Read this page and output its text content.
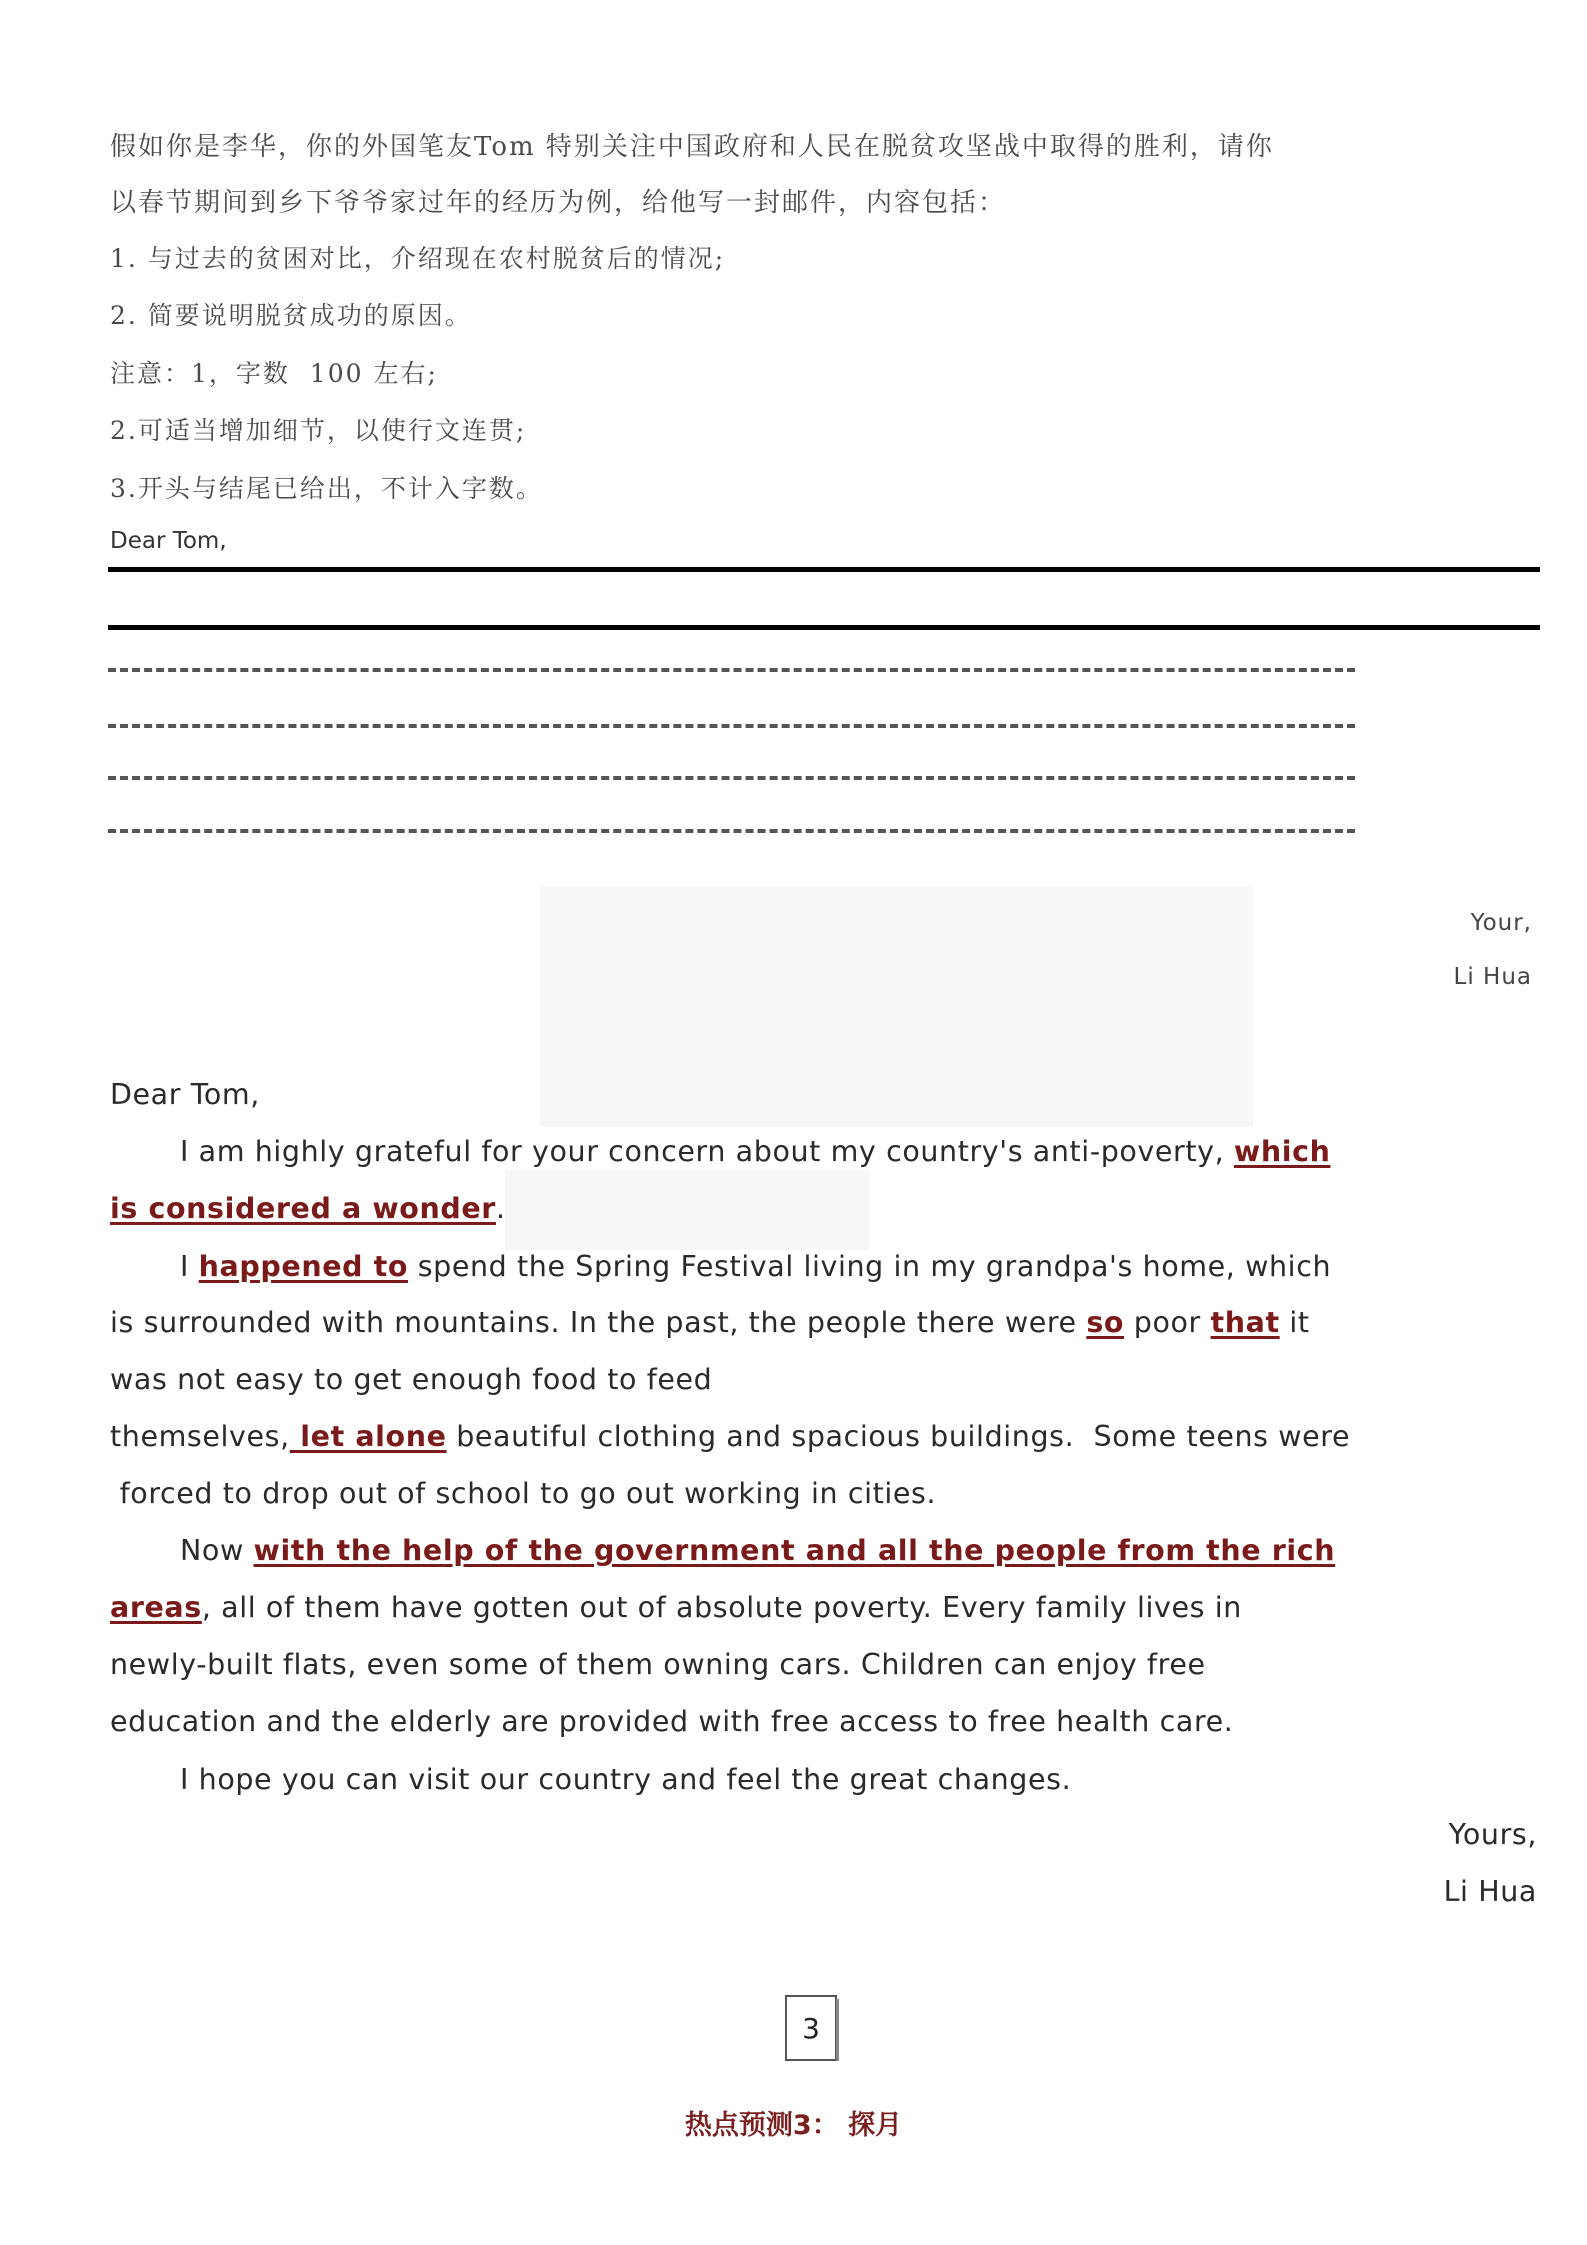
假如你是李华，你的外国笔友Tom 特别关注中国政府和人民在脱贫攻坚战中取得的胜利，请你
以春节期间到乡下爷爷家过年的经历为例，给他写一封邮件，内容包括：
1. 与过去的贫困对比，介绍现在农村脱贫后的情况;
2. 简要说明脱贫成功的原因。
注意：1，字数  100 左右;
2.可适当增加细节，以使行文连贯;
3.开头与结尾已给出，不计入字数。
Dear Tom,
Your,
Li Hua
Dear Tom,
I am highly grateful for your concern about my country's anti-poverty, which
is considered a wonder.
I happened to spend the Spring Festival living in my grandpa's home, which
is surrounded with mountains. In the past, the people there were so poor that it
was not easy to get enough food to feed
themselves, let alone beautiful clothing and spacious buildings.  Some teens were
forced to drop out of school to go out working in cities.
Now with the help of the government and all the people from the rich
areas, all of them have gotten out of absolute poverty. Every family lives in
newly-built flats, even some of them owning cars. Children can enjoy free
education and the elderly are provided with free access to free health care.
I hope you can visit our country and feel the great changes.
Yours,
Li Hua
3
热点预测3： 探月
